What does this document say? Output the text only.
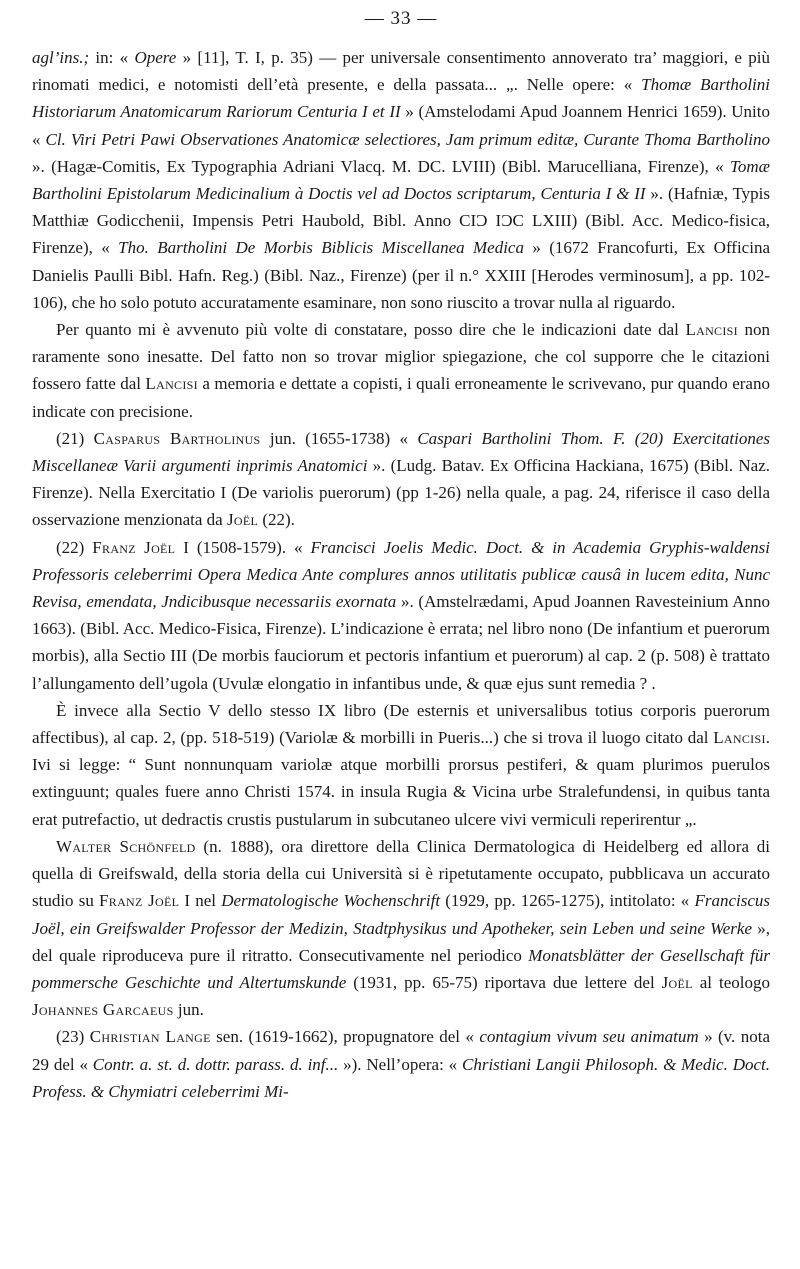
— 33 —

agl’ins.; in: « Opere » [11], T. I, p. 35) — per universale consentimento annoverato tra’ maggiori, e più rinomati medici, e notomisti dell’età presente, e della passata... „. Nelle opere: « Thomæ Bartholini Historiarum Anatomicarum Rariorum Centuria I et II » (Amstelodami Apud Joannem Henrici 1659). Unito « Cl. Viri Petri Pawi Observationes Anatomicæ selectiores, Jam primum editæ, Curante Thoma Bartholino ». (Hagæ-Comitis, Ex Typographia Adriani Vlacq. M. DC. LVIII) (Bibl. Marucelliana, Firenze), « Tomæ Bartholini Epistolarum Medicinalium à Doctis vel ad Doctos scriptarum, Centuria I & II ». (Hafniæ, Typis Matthiæ Godicchenii, Impensis Petri Haubold, Bibl. Anno CIƆ IƆC LXIII) (Bibl. Acc. Medico-fisica, Firenze), « Tho. Bartholini De Morbis Biblicis Miscellanea Medica » (1672 Francofurti, Ex Officina Danielis Paulli Bibl. Hafn. Reg.) (Bibl. Naz., Firenze) (per il n.° XXIII [Herodes verminosum], a pp. 102-106), che ho solo potuto accuratamente esaminare, non sono riuscito a trovar nulla al riguardo.

Per quanto mi è avvenuto più volte di constatare, posso dire che le indicazioni date dal Lancisi non raramente sono inesatte. Del fatto non so trovar miglior spiegazione, che col supporre che le citazioni fossero fatte dal Lancisi a memoria e dettate a copisti, i quali erroneamente le scrivevano, pur quando erano indicate con precisione.

(21) Casparus Bartholinus jun. (1655-1738) « Caspari Bartholini Thom. F. (20) Exercitationes Miscellaneæ Varii argumenti inprimis Anatomici ». (Ludg. Batav. Ex Officina Hackiana, 1675) (Bibl. Naz. Firenze). Nella Exercitatio I (De variolis puerorum) (pp 1-26) nella quale, a pag. 24, riferisce il caso della osservazione menzionata da Joël (22).

(22) Franz Joël I (1508-1579). « Francisci Joelis Medic. Doct. & in Academia Gryphis-waldensi Professoris celeberrimi Opera Medica Ante complures annos utilitatis publicæ causâ in lucem edita, Nunc Revisa, emendata, Jndicibusque necessariis exornata ». (Amstelrædami, Apud Joannen Ravesteinium Anno 1663). (Bibl. Acc. Medico-Fisica, Firenze). L’indicazione è errata; nel libro nono (De infantium et puerorum morbis), alla Sectio III (De morbis fauciorum et pectoris infantium et puerorum) al cap. 2 (p. 508) è trattato l’allungamento dell’ugola (Uvulæ elongatio in infantibus unde, & quæ ejus sunt remedia ? .

È invece alla Sectio V dello stesso IX libro (De esternis et universalibus totius corporis puerorum affectibus), al cap. 2, (pp. 518-519) (Variolæ & morbilli in Pueris...) che si trova il luogo citato dal Lancisi. Ivi si legge: “ Sunt nonnunquam variolæ atque morbilli prorsus pestiferi, & quam plurimos puerulos extinguunt; quales fuere anno Christi 1574. in insula Rugia & Vicina urbe Stralefundensi, in quibus tanta erat putrefactio, ut dedractis crustis pustularum in subcutaneo ulcere vivi vermiculi reperirentur „.

Walter Schönfeld (n. 1888), ora direttore della Clinica Dermatologica di Heidelberg ed allora di quella di Greifswald, della storia della cui Università si è ripetutamente occupato, pubblicava un accurato studio su Franz Joël I nel Dermatologische Wochenschrift (1929, pp. 1265-1275), intitolato: « Franciscus Joël, ein Greifswalder Professor der Medizin, Stadtphysikus und Apotheker, sein Leben und seine Werke », del quale riproduceva pure il ritratto. Consecutivamente nel periodico Monatsblätter der Gesellschaft für pommersche Geschichte und Altertumskunde (1931, pp. 65-75) riportava due lettere del Joël al teologo Johannes Garcaeus jun.

(23) Christian Lange sen. (1619-1662), propugnatore del « contagium vivum seu animatum » (v. nota 29 del « Contr. a. st. d. dottr. parass. d. inf... »). Nell’opera: « Christiani Langii Philosoph. & Medic. Doct. Profess. & Chymiatri celeberrimi Mi-
